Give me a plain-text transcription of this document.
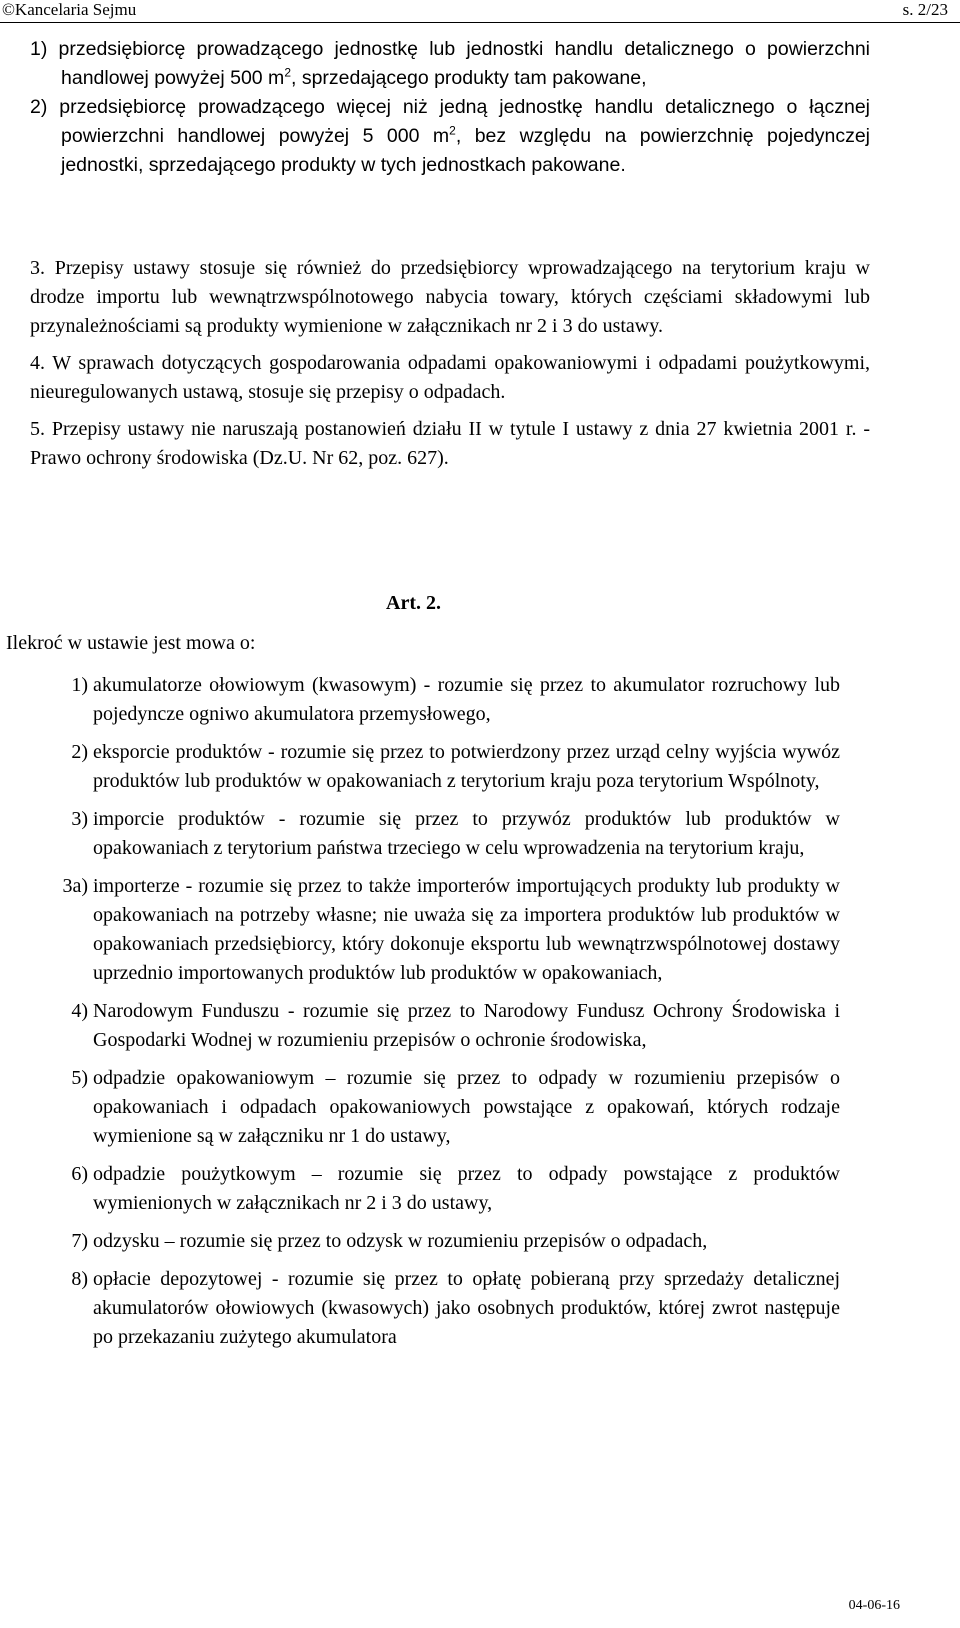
©Kancelaria Sejmu	s. 2/23

1) przedsiębiorcę prowadzącego jednostkę lub jednostki handlu detalicznego o powierzchni handlowej powyżej 500 $m^2$, sprzedającego produkty tam pakowane,

2) przedsiębiorcę prowadzącego więcej niż jedną jednostkę handlu detalicznego o łącznej powierzchni handlowej powyżej 5 000 $m^2$, bez względu na powierzchnię pojedynczej jednostki, sprzedającego produkty w tych jednostkach pakowane.

3. Przepisy ustawy stosuje się również do przedsiębiorcy wprowadzającego na terytorium kraju w drodze importu lub wewnątrzwspólnotowego nabycia towary, których częściami składowymi lub przynależnościami są produkty wymienione w załącznikach nr 2 i 3 do ustawy.

4. W sprawach dotyczących gospodarowania odpadami opakowaniowymi i odpadami poużytkowymi, nieuregulowanych ustawą, stosuje się przepisy o odpadach.

5. Przepisy ustawy nie naruszają postanowień działu II w tytule I ustawy z dnia 27 kwietnia 2001 r. - Prawo ochrony środowiska (Dz.U. Nr 62, poz. 627).

Art. 2.
Ilekroć w ustawie jest mowa o:
1) akumulatorze ołowiowym (kwasowym) - rozumie się przez to akumulator rozruchowy lub pojedyncze ogniwo akumulatora przemysłowego,
2) eksporcie produktów - rozumie się przez to potwierdzony przez urząd celny wyjścia wywóz produktów lub produktów w opakowaniach z terytorium kraju poza terytorium Wspólnoty,
3) imporcie produktów - rozumie się przez to przywóz produktów lub produktów w opakowaniach z terytorium państwa trzeciego w celu wprowadzenia na terytorium kraju,
3a) importerze - rozumie się przez to także importerów importujących produkty lub produkty w opakowaniach na potrzeby własne; nie uważa się za importera produktów lub produktów w opakowaniach przedsiębiorcy, który dokonuje eksportu lub wewnątrzwspólnotowej dostawy uprzednio importowanych produktów lub produktów w opakowaniach,
4) Narodowym Funduszu - rozumie się przez to Narodowy Fundusz Ochrony Środowiska i Gospodarki Wodnej w rozumieniu przepisów o ochronie środowiska,
5) odpadzie opakowaniowym – rozumie się przez to odpady w rozumieniu przepisów o opakowaniach i odpadach opakowaniowych powstające z opakowań, których rodzaje wymienione są w załączniku nr 1 do ustawy,
6) odpadzie poużytkowym – rozumie się przez to odpady powstające z produktów wymienionych w załącznikach nr 2 i 3 do ustawy,
7) odzysku – rozumie się przez to odzysk w rozumieniu przepisów o odpadach,
8) opłacie depozytowej - rozumie się przez to opłatę pobieraną przy sprzedaży detalicznej akumulatorów ołowiowych (kwasowych) jako osobnych produktów, której zwrot następuje po przekazaniu zużytego akumulatora
04-06-16
